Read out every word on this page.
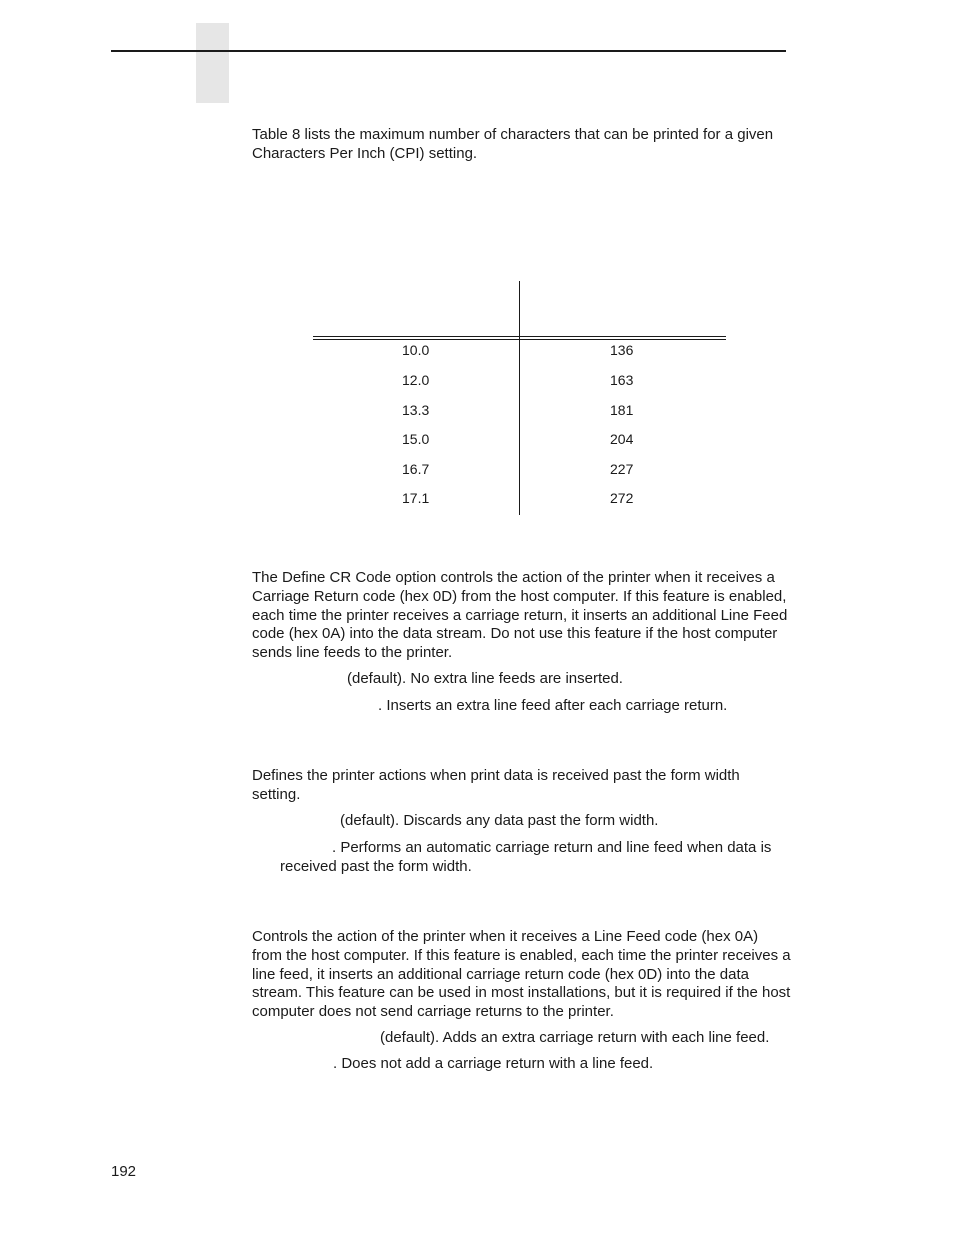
Table 8 lists the maximum number of characters that can be printed for a given Characters Per Inch (CPI) setting.

10.0	136
12.0	163
13.3	181
15.0	204
16.7	227
17.1	272

The Define CR Code option controls the action of the printer when it receives a Carriage Return code (hex 0D) from the host computer. If this feature is enabled, each time the printer receives a carriage return, it inserts an additional Line Feed code (hex 0A) into the data stream. Do not use this feature if the host computer sends line feeds to the printer.

(default). No extra line feeds are inserted.

. Inserts an extra line feed after each carriage return.

Defines the printer actions when print data is received past the form width setting.

(default). Discards any data past the form width.

. Performs an automatic carriage return and line feed when data is received past the form width.

Controls the action of the printer when it receives a Line Feed code (hex 0A) from the host computer. If this feature is enabled, each time the printer receives a line feed, it inserts an additional carriage return code (hex 0D) into the data stream. This feature can be used in most installations, but it is required if the host computer does not send carriage returns to the printer.

(default). Adds an extra carriage return with each line feed.

. Does not add a carriage return with a line feed.

192
